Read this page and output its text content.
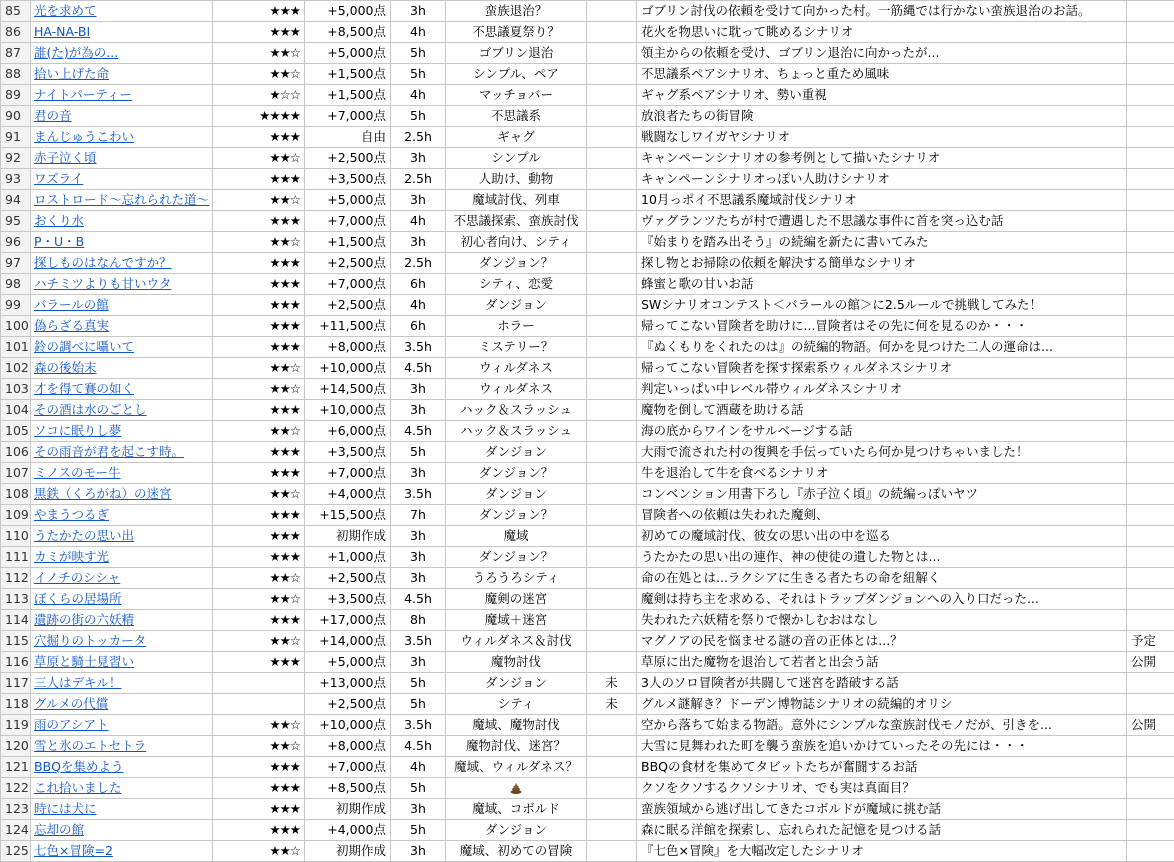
85	光を求めて	★★★	+5,000点	3h	蛮族退治？		ゴブリン討伐の依頼を受けて向かった村。一筋縄では行かない蛮族退治のお話。	
86	HA-NA-BI	★★★	+8,500点	4h	不思議夏祭り？		花火を物思いに耽って眺めるシナリオ	
87	誰(た)が為の...	★★☆	+5,000点	5h	ゴブリン退治		領主からの依頼を受け、ゴブリン退治に向かったが...	
88	拾い上げた命	★★☆	+1,500点	5h	シンプル、ペア		不思議系ペアシナリオ、ちょっと重ため風味	
89	ナイトパーティー	★☆☆	+1,500点	4h	マッチョバー		ギャグ系ペアシナリオ、勢い重視	
90	君の音	★★★★	+7,000点	5h	不思議系		放浪者たちの街冒険	
91	まんじゅうこわい	★★★	自由	2.5h	ギャグ		戦闘なしワイガヤシナリオ	
92	赤子泣く頃	★★☆	+2,500点	3h	シンプル		キャンペーンシナリオの参考例として描いたシナリオ	
93	ワズライ	★★★	+3,500点	2.5h	人助け、動物		キャンペーンシナリオっぽい人助けシナリオ	
94	ロストロード～忘れられた道～	★★☆	+5,000点	3h	魔域討伐、列車		10月っポイ不思議系魔域討伐シナリオ	
95	おくり水	★★★	+7,000点	4h	不思議探索、蛮族討伐		ヴァグランツたちが村で遭遇した不思議な事件に首を突っ込む話	
96	P・U・B	★★☆	+1,500点	3h	初心者向け、シティ		『始まりを踏み出そう』の続編を新たに書いてみた	
97	探しものはなんですか？	★★★	+2,500点	2.5h	ダンジョン？		探し物とお掃除の依頼を解決する簡単なシナリオ	
98	ハチミツよりも甘いウタ	★★★	+7,000点	6h	シティ、恋愛		蜂蜜と歌の甘いお話	
99	バラールの館	★★★	+2,500点	4h	ダンジョン		SWシナリオコンテスト＜バラールの館＞に2.5ルールで挑戦してみた！	
100	偽らざる真実	★★★	+11,500点	6h	ホラー		帰ってこない冒険者を助けに...冒険者はその先に何を見るのか・・・	
101	鈴の調べに囁いて	★★★	+8,000点	3.5h	ミステリー？		『ぬくもりをくれたのは』の続編的物語。何かを見つけた二人の運命は...	
102	森の後始末	★★☆	+10,000点	4.5h	ウィルダネス		帰ってこない冒険者を探す探索系ウィルダネスシナリオ	
103	才を得て賽の如く	★★☆	+14,500点	3h	ウィルダネス		判定いっぱい中レベル帯ウィルダネスシナリオ	
104	その酒は水のごとし	★★★	+10,000点	3h	ハック＆スラッシュ		魔物を倒して酒蔵を助ける話	
105	ソコに眠りし夢	★★☆	+6,000点	4.5h	ハック＆スラッシュ		海の底からワインをサルベージする話	
106	その雨音が君を起こす時。	★★★	+3,500点	5h	ダンジョン		大雨で流された村の復興を手伝っていたら何か見つけちゃいました！	
107	ミノスのモー牛	★★★	+7,000点	3h	ダンジョン？		牛を退治して牛を食べるシナリオ	
108	黒鉄（くろがね）の迷宮	★★☆	+4,000点	3.5h	ダンジョン		コンベンション用書下ろし『赤子泣く頃』の続編っぽいヤツ	
109	やまうつるぎ	★★★	+15,500点	7h	ダンジョン？		冒険者への依頼は失われた魔剣、	
110	うたかたの思い出	★★★	初期作成	3h	魔域		初めての魔域討伐、彼女の思い出の中を巡る	
111	カミが映す光	★★★	+1,000点	3h	ダンジョン？		うたかたの思い出の連作、神の使徒の遺した物とは...	
112	イノチのシシャ	★★☆	+2,500点	3h	うろうろシティ		命の在処とは...ラクシアに生きる者たちの命を紐解く	
113	ぼくらの居場所	★★☆	+3,500点	4.5h	魔剣の迷宮		魔剣は持ち主を求める、それはトラップダンジョンへの入り口だった...	
114	遺跡の街の六妖精	★★★	+17,000点	8h	魔域＋迷宮		失われた六妖精を祭りで懐かしむおはなし	
115	穴掘りのトッカータ	★★☆	+14,000点	3.5h	ウィルダネス＆討伐		マグノアの民を悩ませる謎の音の正体とは...？	予定
116	草原と騎士見習い	★★★	+5,000点	3h	魔物討伐		草原に出た魔物を退治して若者と出会う話	公開
117	三人はデキル！		+13,000点	5h	ダンジョン	未	3人のソロ冒険者が共闘して迷宮を踏破する話	
118	グルメの代償		+2,500点	5h	シティ	未	グルメ謎解き？ドーデン博物誌シナリオの続編的オリシ	
119	雨のアシアト	★★☆	+10,000点	3.5h	魔域、魔物討伐		空から落ちて始まる物語。意外にシンプルな蛮族討伐モノだが、引きを...	公開
120	雪と氷のエトセトラ	★★☆	+8,000点	4.5h	魔物討伐、迷宮？		大雪に見舞われた町を襲う蛮族を追いかけていったその先には・・・	
121	BBQを集めよう	★★★	+7,000点	4h	魔域、ウィルダネス？		BBQの食材を集めてタビットたちが奮闘するお話	
122	これ拾いました	★★★	+8,500点	5h			クソをクソするクソシナリオ、でも実は真面目？	
123	時には犬に	★★★	初期作成	3h	魔域、コボルド		蛮族領域から逃げ出してきたコボルドが魔域に挑む話	
124	忘却の館	★★★	+4,000点	5h	ダンジョン		森に眠る洋館を探索し、忘れられた記憶を見つける話	
125	七色×冒険=2	★★☆	初期作成	3h	魔域、初めての冒険		『七色×冒険』を大幅改定したシナリオ	
